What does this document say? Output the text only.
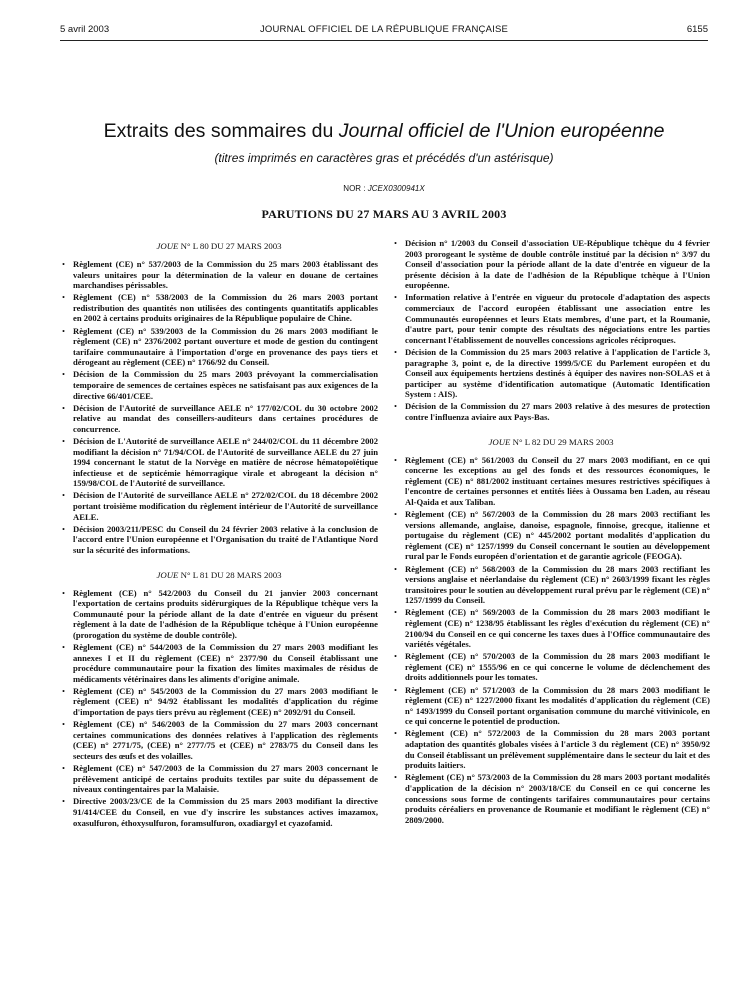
5 avril 2003	JOURNAL OFFICIEL DE LA RÉPUBLIQUE FRANÇAISE	6155
Extraits des sommaires du Journal officiel de l'Union européenne
(titres imprimés en caractères gras et précédés d'un astérisque)
NOR : JCEX0300941X
PARUTIONS DU 27 MARS AU 3 AVRIL 2003
JOUE N° L 80 DU 27 MARS 2003
• Règlement (CE) n° 537/2003 de la Commission du 25 mars 2003 établissant des valeurs unitaires pour la détermination de la valeur en douane de certaines marchandises périssables.
• Règlement (CE) n° 538/2003 de la Commission du 26 mars 2003 portant redistribution des quantités non utilisées des contingents quantitatifs applicables en 2002 à certains produits originaires de la République populaire de Chine.
• Règlement (CE) n° 539/2003 de la Commission du 26 mars 2003 modifiant le règlement (CE) n° 2376/2002 portant ouverture et mode de gestion du contingent tarifaire communautaire à l'importation d'orge en provenance des pays tiers et dérogeant au règlement (CEE) n° 1766/92 du Conseil.
• Décision de la Commission du 25 mars 2003 prévoyant la commercialisation temporaire de semences de certaines espèces ne satisfaisant pas aux exigences de la directive 66/401/CEE.
• Décision de l'Autorité de surveillance AELE n° 177/02/COL du 30 octobre 2002 relative au mandat des conseillers-auditeurs dans certaines procédures de concurrence.
• Décision de L'Autorité de surveillance AELE n° 244/02/COL du 11 décembre 2002 modifiant la décision n° 71/94/COL de l'Autorité de surveillance AELE du 27 juin 1994 concernant le statut de la Norvège en matière de nécrose hématopoïétique infectieuse et de septicémie hémorragique virale et abrogeant la décision n° 159/98/COL de l'Autorité de surveillance.
• Décision de l'Autorité de surveillance AELE n° 272/02/COL du 18 décembre 2002 portant troisième modification du règlement intérieur de l'Autorité de surveillance AELE.
• Décision 2003/211/PESC du Conseil du 24 février 2003 relative à la conclusion de l'accord entre l'Union européenne et l'Organisation du traité de l'Atlantique Nord sur la sécurité des informations.
JOUE N° L 81 DU 28 MARS 2003
• Règlement (CE) n° 542/2003 du Conseil du 21 janvier 2003 concernant l'exportation de certains produits sidérurgiques de la République tchèque vers la Communauté pour la période allant de la date d'entrée en vigueur du présent règlement à la date de l'adhésion de la République tchèque à l'Union européenne (prorogation du système de double contrôle).
• Règlement (CE) n° 544/2003 de la Commission du 27 mars 2003 modifiant les annexes I et II du règlement (CEE) n° 2377/90 du Conseil établissant une procédure communautaire pour la fixation des limites maximales de résidus de médicaments vétérinaires dans les aliments d'origine animale.
• Règlement (CE) n° 545/2003 de la Commission du 27 mars 2003 modifiant le règlement (CEE) n° 94/92 établissant les modalités d'application du régime d'importation de pays tiers prévu au règlement (CEE) n° 2092/91 du Conseil.
• Règlement (CE) n° 546/2003 de la Commission du 27 mars 2003 concernant certaines communications des données relatives à l'application des règlements (CEE) n° 2771/75, (CEE) n° 2777/75 et (CEE) n° 2783/75 du Conseil dans les secteurs des œufs et des volailles.
• Règlement (CE) n° 547/2003 de la Commission du 27 mars 2003 concernant le prélèvement anticipé de certains produits textiles par suite du dépassement de niveaux contingentaires par la Malaisie.
• Directive 2003/23/CE de la Commission du 25 mars 2003 modifiant la directive 91/414/CEE du Conseil, en vue d'y inscrire les substances actives imazamox, oxasulfuron, éthoxysulfuron, foramsulfuron, oxadiargyl et cyazofamid.
• Décision n° 1/2003 du Conseil d'association UE-République tchèque du 4 février 2003 prorogeant le système de double contrôle institué par la décision n° 3/97 du Conseil d'association pour la période allant de la date d'entrée en vigueur de la présente décision à la date de l'adhésion de la République tchèque à l'Union européenne.
• Information relative à l'entrée en vigueur du protocole d'adaptation des aspects commerciaux de l'accord européen établissant une association entre les Communautés européennes et leurs Etats membres, d'une part, et la Roumanie, d'autre part, pour tenir compte des résultats des négociations entre les parties concernant l'établissement de nouvelles concessions agricoles réciproques.
• Décision de la Commission du 25 mars 2003 relative à l'application de l'article 3, paragraphe 3, point e, de la directive 1999/5/CE du Parlement européen et du Conseil aux équipements hertziens destinés à équiper des navires non-SOLAS et à participer au système d'identification automatique (Automatic Identification System : AIS).
• Décision de la Commission du 27 mars 2003 relative à des mesures de protection contre l'influenza aviaire aux Pays-Bas.
JOUE N° L 82 DU 29 MARS 2003
• Règlement (CE) n° 561/2003 du Conseil du 27 mars 2003 modifiant, en ce qui concerne les exceptions au gel des fonds et des ressources économiques, le règlement (CE) n° 881/2002 instituant certaines mesures restrictives spécifiques à l'encontre de certaines personnes et entités liées à Oussama ben Laden, au réseau Al-Qaida et aux Taliban.
• Règlement (CE) n° 567/2003 de la Commission du 28 mars 2003 rectifiant les versions allemande, anglaise, danoise, espagnole, finnoise, grecque, italienne et portugaise du règlement (CE) n° 445/2002 portant modalités d'application du règlement (CE) n° 1257/1999 du Conseil concernant le soutien au développement rural par le Fonds européen d'orientation et de garantie agricole (FEOGA).
• Règlement (CE) n° 568/2003 de la Commission du 28 mars 2003 rectifiant les versions anglaise et néerlandaise du règlement (CE) n° 2603/1999 fixant les règles transitoires pour le soutien au développement rural prévu par le règlement (CE) n° 1257/1999 du Conseil.
• Règlement (CE) n° 569/2003 de la Commission du 28 mars 2003 modifiant le règlement (CE) n° 1238/95 établissant les règles d'exécution du règlement (CE) n° 2100/94 du Conseil en ce qui concerne les taxes dues à l'Office communautaire des variétés végétales.
• Règlement (CE) n° 570/2003 de la Commission du 28 mars 2003 modifiant le règlement (CE) n° 1555/96 en ce qui concerne le volume de déclenchement des droits additionnels pour les tomates.
• Règlement (CE) n° 571/2003 de la Commission du 28 mars 2003 modifiant le règlement (CE) n° 1227/2000 fixant les modalités d'application du règlement (CE) n° 1493/1999 du Conseil portant organisation commune du marché vitivinicole, en ce qui concerne le potentiel de production.
• Règlement (CE) n° 572/2003 de la Commission du 28 mars 2003 portant adaptation des quantités globales visées à l'article 3 du règlement (CE) n° 3950/92 du Conseil établissant un prélèvement supplémentaire dans le secteur du lait et des produits laitiers.
• Règlement (CE) n° 573/2003 de la Commission du 28 mars 2003 portant modalités d'application de la décision n° 2003/18/CE du Conseil en ce qui concerne les concessions sous forme de contingents tarifaires communautaires pour certains produits céréaliers en provenance de Roumanie et modifiant le règlement (CE) n° 2809/2000.
